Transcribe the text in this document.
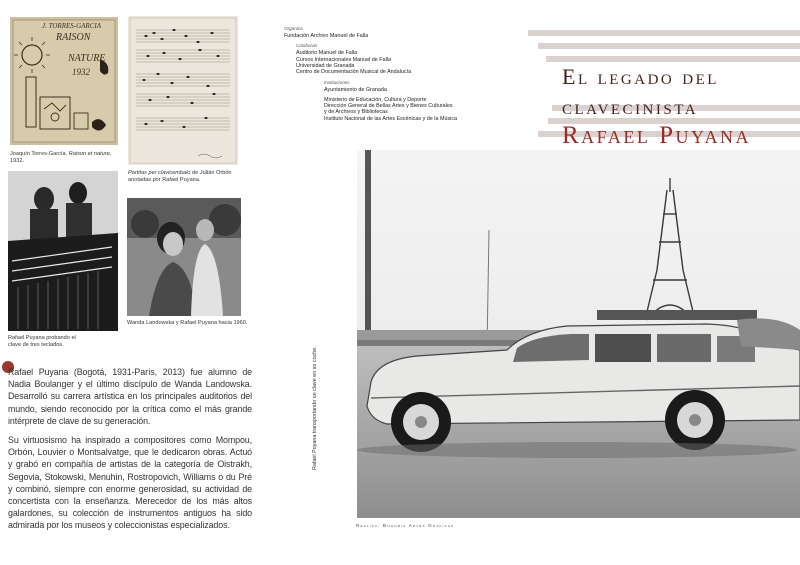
J. TORRES-GARCIA
RAISON
NATURE
1932
Joaquín Torres-García. Raison et nature, 1932.
Partitas per clavicembalo de Julián Orbón anotadas por Rafael Puyana.
Rafael Puyana probando el clave de tres teclados.
Wanda Landowska y Rafael Puyana hacia 1960.

Rafael Puyana (Bogotá, 1931-París, 2013) fue alumno de Nadia Boulanger y el último discípulo de Wanda Landowska. Desarrolló su carrera artística en los principales auditorios del mundo, siendo reconocido por la crítica como el más grande intérprete de clave de su generación.

Su virtuosismo ha inspirado a compositores como Mompou, Orbón, Louvier o Montsalvatge, que le dedicaron obras. Actuó y grabó en compañía de artistas de la categoría de Oistrakh, Segovia, Stokowski, Menuhin, Rostropovich, Williams o du Pré y combinó, siempre con enorme generosidad, su actividad de concertista con la enseñanza. Merecedor de los más altos galardones, su colección de instrumentos antiguos ha sido admirada por los museos y coleccionistas especializados.

Organiza
Fundación Archivo Manuel de Falla
Colaboran
Auditorio Manuel de Falla
Cursos Internacionales Manuel de Falla
Universidad de Granada
Centro de Documentación Musical de Andalucía
Instituciones
Ayuntamiento de Granada
Ministerio de Educación, Cultura y Deporte
Dirección General de Bellas Artes y Bienes Culturales
y de Archivos y Bibliotecas
Instituto Nacional de las Artes Escénicas y de la Música
El legado del
clavecinista
Rafael Puyana
Rafael Puyana transportando un clave en su coche.
Realiza. Bogoria Artes Gráficas
